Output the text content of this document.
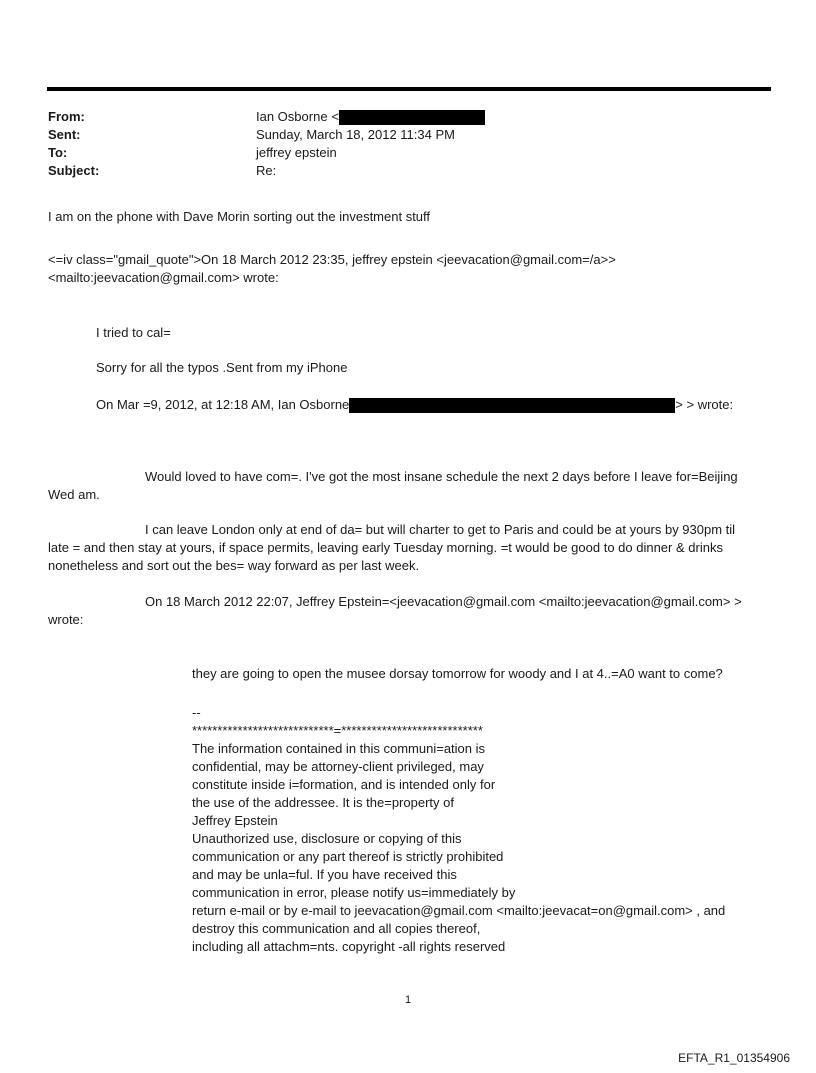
From:	Ian Osborne <
Sent:	Sunday, March 18, 2012 11:34 PM
To:	jeffrey epstein
Subject:	Re:
I am on the phone with Dave Morin sorting out the investment stuff
<=iv class="gmail_quote">On 18 March 2012 23:35, jeffrey epstein <jeevacation@gmail.com=/a>>
<mailto:jeevacation@gmail.com> wrote:
I tried to cal=
Sorry for all the typos .Sent from my iPhone
On Mar =9, 2012, at 12:18 AM, Ian Osborne	> > wrote:
Would loved to have com=. I've got the most insane schedule the next 2 days before I leave for=Beijing
Wed am.
I can leave London only at end of da= but will charter to get to Paris and could be at yours by 930pm til
late = and then stay at yours, if space permits, leaving early Tuesday morning. =t would be good to do dinner & drinks
nonetheless and sort out the bes= way forward as per last week.
On 18 March 2012 22:07, Jeffrey Epstein=<jeevacation@gmail.com <mailto:jeevacation@gmail.com> >
wrote:
they are going to open the musee dorsay tomorrow for woody and I at 4..=A0 want to come?
--
****************************=****************************
The information contained in this communi=ation is
confidential, may be attorney-client privileged, may
constitute inside i=formation, and is intended only for
the use of the addressee. It is the=property of
Jeffrey Epstein
Unauthorized use, disclosure or copying of this
communication or any part thereof is strictly prohibited
and may be unla=ful. If you have received this
communication in error, please notify us=immediately by
return e-mail or by e-mail to jeevacation@gmail.com <mailto:jeevacat=on@gmail.com> , and
destroy this communication and all copies thereof,
including all attachm=nts. copyright -all rights reserved
1
EFTA_R1_01354906
